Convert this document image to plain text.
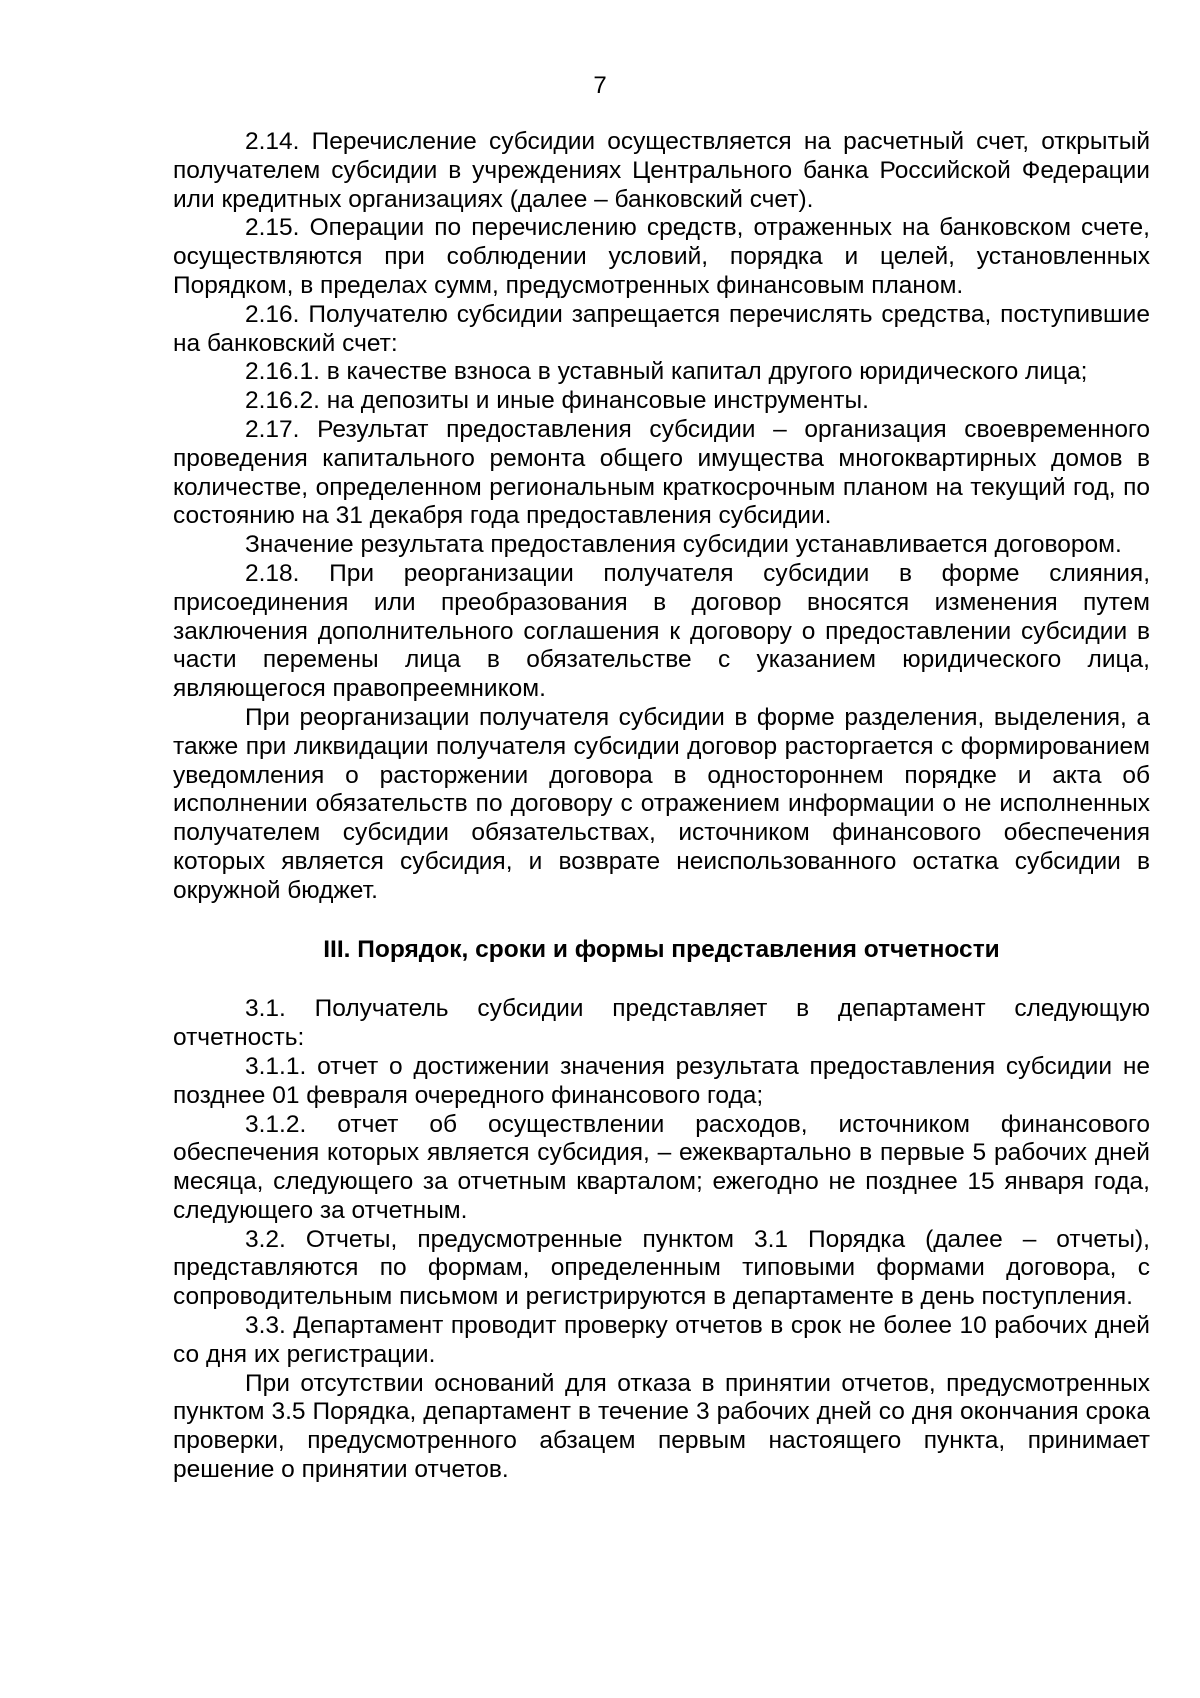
7

2.14. Перечисление субсидии осуществляется на расчетный счет, открытый получателем субсидии в учреждениях Центрального банка Российской Федерации или кредитных организациях (далее – банковский счет).

2.15. Операции по перечислению средств, отраженных на банковском счете, осуществляются при соблюдении условий, порядка и целей, установленных Порядком, в пределах сумм, предусмотренных финансовым планом.

2.16. Получателю субсидии запрещается перечислять средства, поступившие на банковский счет:

2.16.1. в качестве взноса в уставный капитал другого юридического лица;

2.16.2. на депозиты и иные финансовые инструменты.

2.17. Результат предоставления субсидии – организация своевременного проведения капитального ремонта общего имущества многоквартирных домов в количестве, определенном региональным краткосрочным планом на текущий год, по состоянию на 31 декабря года предоставления субсидии.

Значение результата предоставления субсидии устанавливается договором.

2.18. При реорганизации получателя субсидии в форме слияния, присоединения или преобразования в договор вносятся изменения путем заключения дополнительного соглашения к договору о предоставлении субсидии в части перемены лица в обязательстве с указанием юридического лица, являющегося правопреемником.

При реорганизации получателя субсидии в форме разделения, выделения, а также при ликвидации получателя субсидии договор расторгается с формированием уведомления о расторжении договора в одностороннем порядке и акта об исполнении обязательств по договору с отражением информации о не исполненных получателем субсидии обязательствах, источником финансового обеспечения которых является субсидия, и возврате неиспользованного остатка субсидии в окружной бюджет.

III. Порядок, сроки и формы представления отчетности

3.1. Получатель субсидии представляет в департамент следующую отчетность:

3.1.1. отчет о достижении значения результата предоставления субсидии не позднее 01 февраля очередного финансового года;

3.1.2. отчет об осуществлении расходов, источником финансового обеспечения которых является субсидия, – ежеквартально в первые 5 рабочих дней месяца, следующего за отчетным кварталом; ежегодно не позднее 15 января года, следующего за отчетным.

3.2. Отчеты, предусмотренные пунктом 3.1 Порядка (далее – отчеты), представляются по формам, определенным типовыми формами договора, с сопроводительным письмом и регистрируются в департаменте в день поступления.

3.3. Департамент проводит проверку отчетов в срок не более 10 рабочих дней со дня их регистрации.

При отсутствии оснований для отказа в принятии отчетов, предусмотренных пунктом 3.5 Порядка, департамент в течение 3 рабочих дней со дня окончания срока проверки, предусмотренного абзацем первым настоящего пункта, принимает решение о принятии отчетов.
